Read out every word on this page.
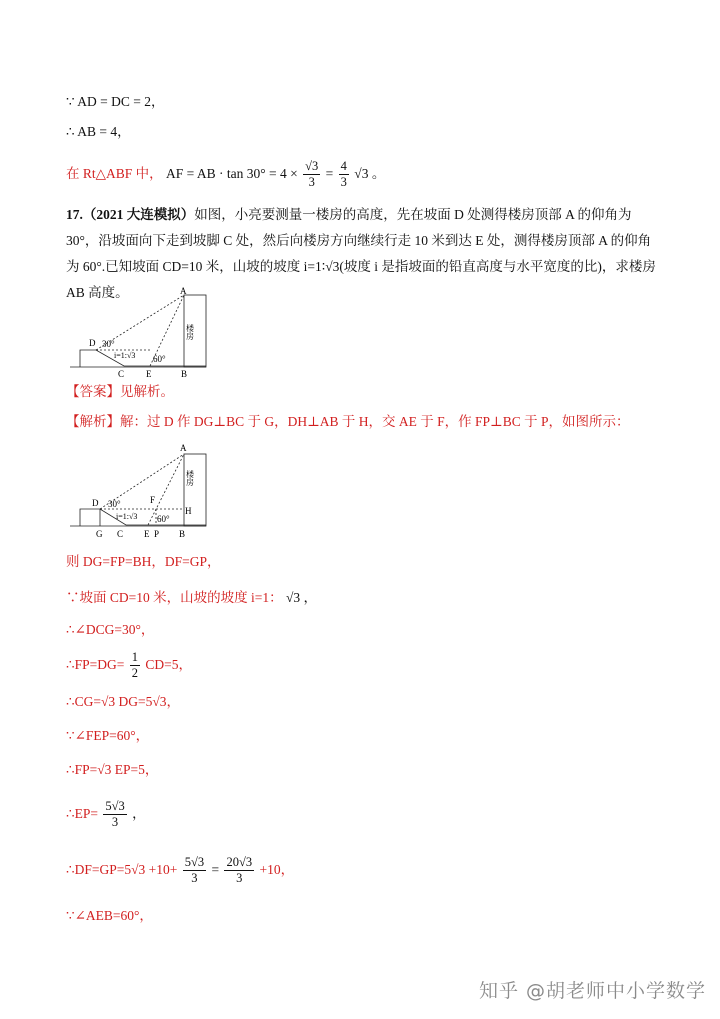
∵ AD = DC = 2，
∴ AB = 4，
在 Rt△ABF 中， AF = AB · $\tan 30^\circ = 4 \times \frac{√3}{3} = \frac{4}{3} √3$ 。
17.（2021 大连模拟）如图，小亮要测量一楼房的高度，先在坡面 D 处测得楼房顶部 A 的仰角为 30°，沿坡面向下走到坡脚 C 处，然后向楼房方向继续行走 10 米到达 E 处，测得楼房顶部 A 的仰角为 60°.已知坡面 CD=10 米，山坡的坡度 i=1∶√3(坡度 i 是指坡面的铅直高度与水平宽度的比)，求楼房 AB 高度。	A
D
C E	B
30°
60°
i=1:√3
楼房
【答案】见解析。
【解析】解：过 D 作 DG⊥BC 于 G，DH⊥AB 于 H，交 AE 于 F，作 FP⊥BC 于 P，如图所示：
A
D	F
H
G C E P B
30°
60°
i=1:√3
楼房
则 DG=FP=BH，DF=GP，
∵坡面 CD=10 米，山坡的坡度 i=1： √3 ，
∴∠DCG=30°，
∴FP=DG= $\frac{1}{2} CD=5$，
∴CG=√3 DG=5√3，
∵∠FEP=60°，
∴FP=√3 EP=5，
∴EP= $\frac{5√3}{3}$ ，
∴DF=GP=5√3 $+10+ \frac{5√3}{3} = \frac{20√3}{3} +10$，
∵∠AEB=60°，
知乎 @胡老师中小学数学
